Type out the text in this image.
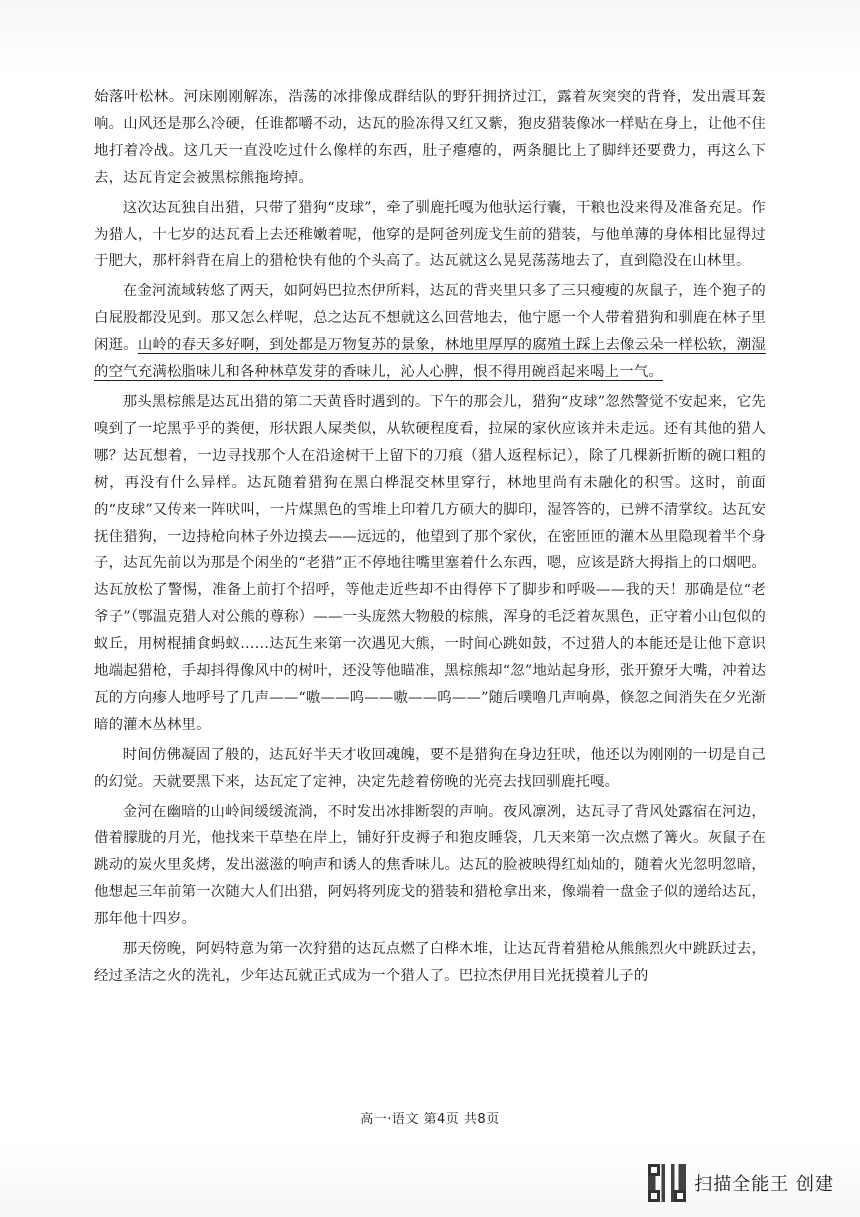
始落叶松林。河床刚刚解冻，浩荡的冰排像成群结队的野犴拥挤过江，露着灰突突的背脊，发出震耳轰响。山风还是那么冷硬，任谁都嚼不动，达瓦的脸冻得又红又紫，狍皮猎装像冰一样贴在身上，让他不住地打着冷战。这几天一直没吃过什么像样的东西，肚子瘪瘪的，两条腿比上了脚绊还要费力，再这么下去，达瓦肯定会被黑棕熊拖垮掉。

这次达瓦独自出猎，只带了猎狗“皮球”，牵了驯鹿托嘎为他驮运行囊，干粮也没来得及准备充足。作为猎人，十七岁的达瓦看上去还稚嫩着呢，他穿的是阿爸列庞戈生前的猎装，与他单薄的身体相比显得过于肥大，那杆斜背在肩上的猎枪快有他的个头高了。达瓦就这么晃晃荡荡地去了，直到隐没在山林里。

在金河流域转悠了两天，如阿妈巴拉杰伊所料，达瓦的背夹里只多了三只瘦瘦的灰鼠子，连个狍子的白屁股都没见到。那又怎么样呢，总之达瓦不想就这么回营地去，他宁愿一个人带着猎狗和驯鹿在林子里闲逛。山岭的春天多好啊，到处都是万物复苏的景象，林地里厚厚的腐殖土踩上去像云朵一样松软，潮湿的空气充满松脂味儿和各种林草发芽的香味儿，沁人心脾，恨不得用碗舀起来喝上一气。

那头黑棕熊是达瓦出猎的第二天黄昏时遇到的。下午的那会儿，猎狗“皮球”忽然警觉不安起来，它先嗅到了一坨黑乎乎的粪便，形状跟人屎类似，从软硬程度看，拉屎的家伙应该并未走远。还有其他的猎人哪？达瓦想着，一边寻找那个人在沿途树干上留下的刀痕（猎人返程标记），除了几棵新折断的碗口粗的树，再没有什么异样。达瓦随着猎狗在黑白桦混交林里穿行，林地里尚有未融化的积雪。这时，前面的“皮球”又传来一阵吠叫，一片煤黑色的雪堆上印着几方硕大的脚印，湿答答的，已辨不清掌纹。达瓦安抚住猎狗，一边持枪向林子外边摸去——远远的，他望到了那个家伙，在密匝匝的灌木丛里隐现着半个身子，达瓦先前以为那是个闲坐的“老猎”正不停地往嘴里塞着什么东西，嗯，应该是跻大拇指上的口烟吧。达瓦放松了警惕，准备上前打个招呼，等他走近些却不由得停下了脚步和呼吸——我的天！那确是位“老爷子”（鄂温克猎人对公熊的尊称）——一头庞然大物般的棕熊，浑身的毛泛着灰黑色，正守着小山包似的蚁丘，用树棍捕食蚂蚁……达瓦生来第一次遇见大熊，一时间心跳如鼓，不过猎人的本能还是让他下意识地端起猎枪，手却抖得像风中的树叶，还没等他瞄准，黑棕熊却“忽”地站起身形，张开獠牙大嘴，冲着达瓦的方向瘆人地呼号了几声——“嗷——呜——嗷——呜——”随后噗噜几声响鼻，倏忽之间消失在夕光渐暗的灌木丛林里。

时间仿佛凝固了般的，达瓦好半天才收回魂魄，要不是猎狗在身边狂吠，他还以为刚刚的一切是自己的幻觉。天就要黑下来，达瓦定了定神，决定先趁着傍晚的光亮去找回驯鹿托嘎。

金河在幽暗的山岭间缓缓流淌，不时发出冰排断裂的声响。夜风凛冽，达瓦寻了背风处露宿在河边，借着朦胧的月光，他找来干草垫在岸上，铺好犴皮褥子和狍皮睡袋，几天来第一次点燃了篝火。灰鼠子在跳动的炭火里炙烤，发出滋滋的响声和诱人的焦香味儿。达瓦的脸被映得红灿灿的，随着火光忽明忽暗，他想起三年前第一次随大人们出猎，阿妈将列庞戈的猎装和猎枪拿出来，像端着一盘金子似的递给达瓦，那年他十四岁。

那天傍晚，阿妈特意为第一次狩猎的达瓦点燃了白桦木堆，让达瓦背着猎枪从熊熊烈火中跳跃过去，经过圣洁之火的洗礼，少年达瓦就正式成为一个猎人了。巴拉杰伊用目光抚摸着儿子的

高一·语文 第4页 共8页
扫描全能王 创建
